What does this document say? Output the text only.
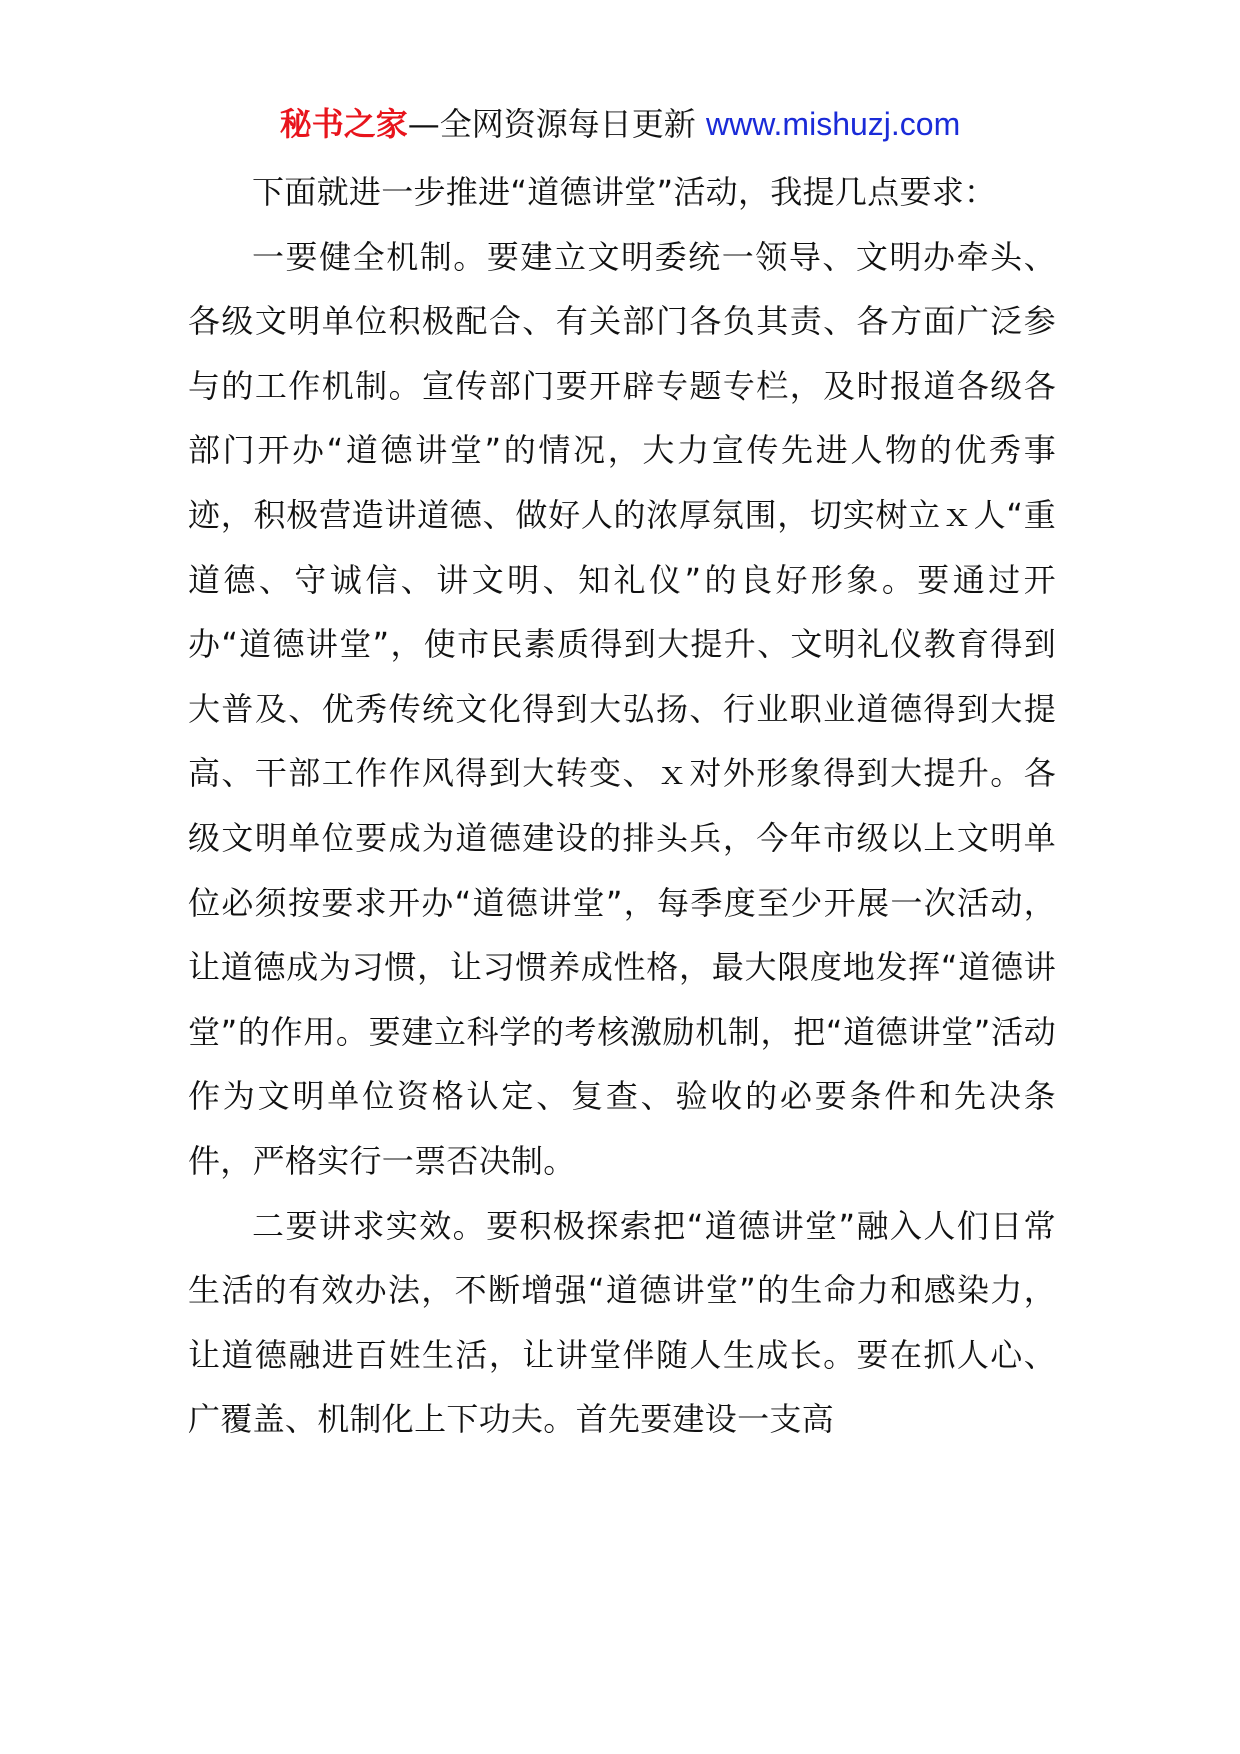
秘书之家—全网资源每日更新 www.mishuzj.com

下面就进一步推进“道德讲堂”活动，我提几点要求：

一要健全机制。要建立文明委统一领导、文明办牵头、各级文明单位积极配合、有关部门各负其责、各方面广泛参与的工作机制。宣传部门要开辟专题专栏，及时报道各级各部门开办“道德讲堂”的情况，大力宣传先进人物的优秀事迹，积极营造讲道德、做好人的浓厚氛围，切实树立ｘ人“重道德、守诚信、讲文明、知礼仪”的良好形象。要通过开办“道德讲堂”，使市民素质得到大提升、文明礼仪教育得到大普及、优秀传统文化得到大弘扬、行业职业道德得到大提高、干部工作作风得到大转变、ｘ对外形象得到大提升。各级文明单位要成为道德建设的排头兵，今年市级以上文明单位必须按要求开办“道德讲堂”，每季度至少开展一次活动，让道德成为习惯，让习惯养成性格，最大限度地发挥“道德讲堂”的作用。要建立科学的考核激励机制，把“道德讲堂”活动作为文明单位资格认定、复查、验收的必要条件和先决条件，严格实行一票否决制。

二要讲求实效。要积极探索把“道德讲堂”融入人们日常生活的有效办法，不断增强“道德讲堂”的生命力和感染力，让道德融进百姓生活，让讲堂伴随人生成长。要在抓人心、广覆盖、机制化上下功夫。首先要建设一支高
